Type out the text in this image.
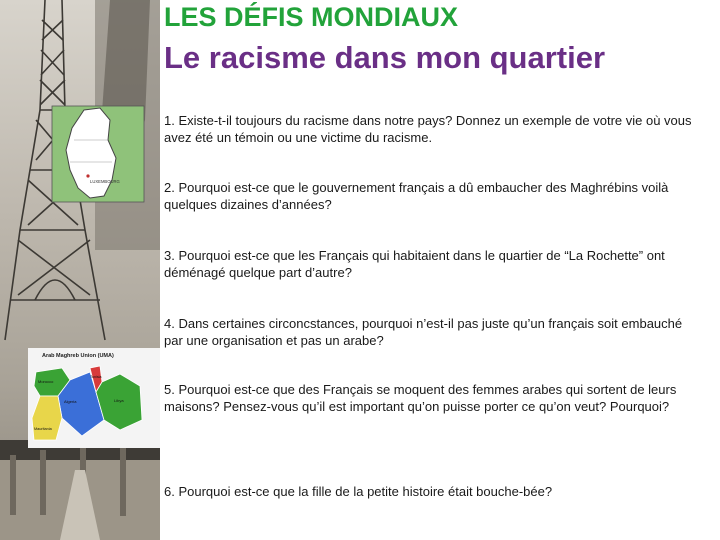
LUXEMBOURG
Arab Maghreb Union (UMA)
Morocco
Algeria
Tunisia
Libya
Mauritania
LES DÉFIS MONDIAUX
Le racisme dans mon quartier
1. Existe-t-il toujours du racisme dans notre pays? Donnez un exemple de votre vie où vous avez été un témoin ou une victime du racisme.
2. Pourquoi est-ce que le gouvernement français a dû embaucher des Maghrébins voilà quelques dizaines d’années?
3. Pourquoi est-ce que les Français qui habitaient dans le quartier de “La Rochette” ont déménagé quelque part d’autre?
4. Dans certaines circoncstances, pourquoi n’est-il pas juste qu’un français soit embauché par une organisation et pas un arabe?
5. Pourquoi est-ce que des Français se moquent des femmes arabes qui sortent de leurs maisons? Pensez-vous qu’il est important qu’on puisse porter ce qu’on veut? Pourquoi?
6. Pourquoi est-ce que la fille de la petite histoire était bouche-bée?
